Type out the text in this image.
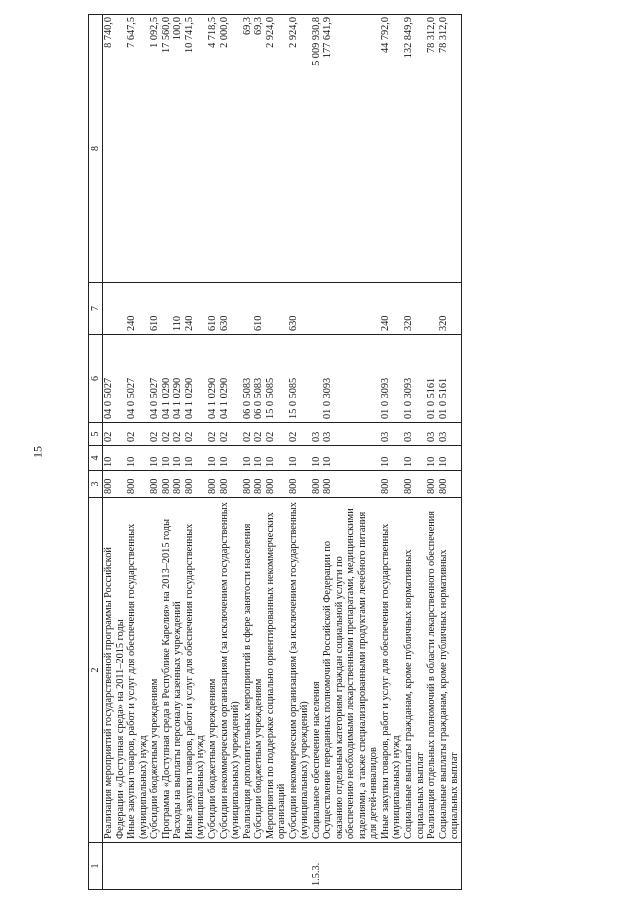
15
1	2	3	4	5	6	7	8
	Реализация мероприятий государственной программы Российской Федерации «Доступная среда» на 2011–2015 годы	800	10	02	04 0 5027		8 740,0
	Иные закупки товаров, работ и услуг для обеспечения государственных (муниципальных) нужд	800	10	02	04 0 5027	240	7 647,5
	Субсидии бюджетным учреждениям	800	10	02	04 0 5027	610	1 092,5
	Программа «Доступная среда в Республике Карелия» на 2013–2015 годы	800	10	02	04 1 0290		17 560,0
	Расходы на выплаты персоналу казенных учреждений	800	10	02	04 1 0290	110	100,0
	Иные закупки товаров, работ и услуг для обеспечения государственных (муниципальных) нужд	800	10	02	04 1 0290	240	10 741,5
	Субсидии бюджетным учреждениям	800	10	02	04 1 0290	610	4 718,5
	Субсидии некоммерческим организациям (за исключением государственных (муниципальных) учреждений)	800	10	02	04 1 0290	630	2 000,0
	Реализация дополнительных мероприятий в сфере занятости населения	800	10	02	06 0 5083		69,3
	Субсидии бюджетным учреждениям	800	10	02	06 0 5083	610	69,3
	Мероприятия по поддержке социально ориентированных некоммерческих организаций	800	10	02	15 0 5085		2 924,0
	Субсидии некоммерческим организациям (за исключением государственных (муниципальных) учреждений)	800	10	02	15 0 5085	630	2 924,0
1.5.3.	Социальное обеспечение населения	800	10	03			5 009 930,8
	Осуществление переданных полномочий Российской Федерации по оказанию отдельным категориям граждан социальной услуги по обеспечению необходимыми лекарственными препаратами, медицинскими изделиями, а также специализированными продуктами лечебного питания для детей-инвалидов	800	10	03	01 0 3093		177 641,9
	Иные закупки товаров, работ и услуг для обеспечения государственных (муниципальных) нужд	800	10	03	01 0 3093	240	44 792,0
	Социальные выплаты гражданам, кроме публичных нормативных социальных выплат	800	10	03	01 0 3093	320	132 849,9
	Реализация отдельных полномочий в области лекарственного обеспечения	800	10	03	01 0 5161		78 312,0
	Социальные выплаты гражданам, кроме публичных нормативных социальных выплат	800	10	03	01 0 5161	320	78 312,0
